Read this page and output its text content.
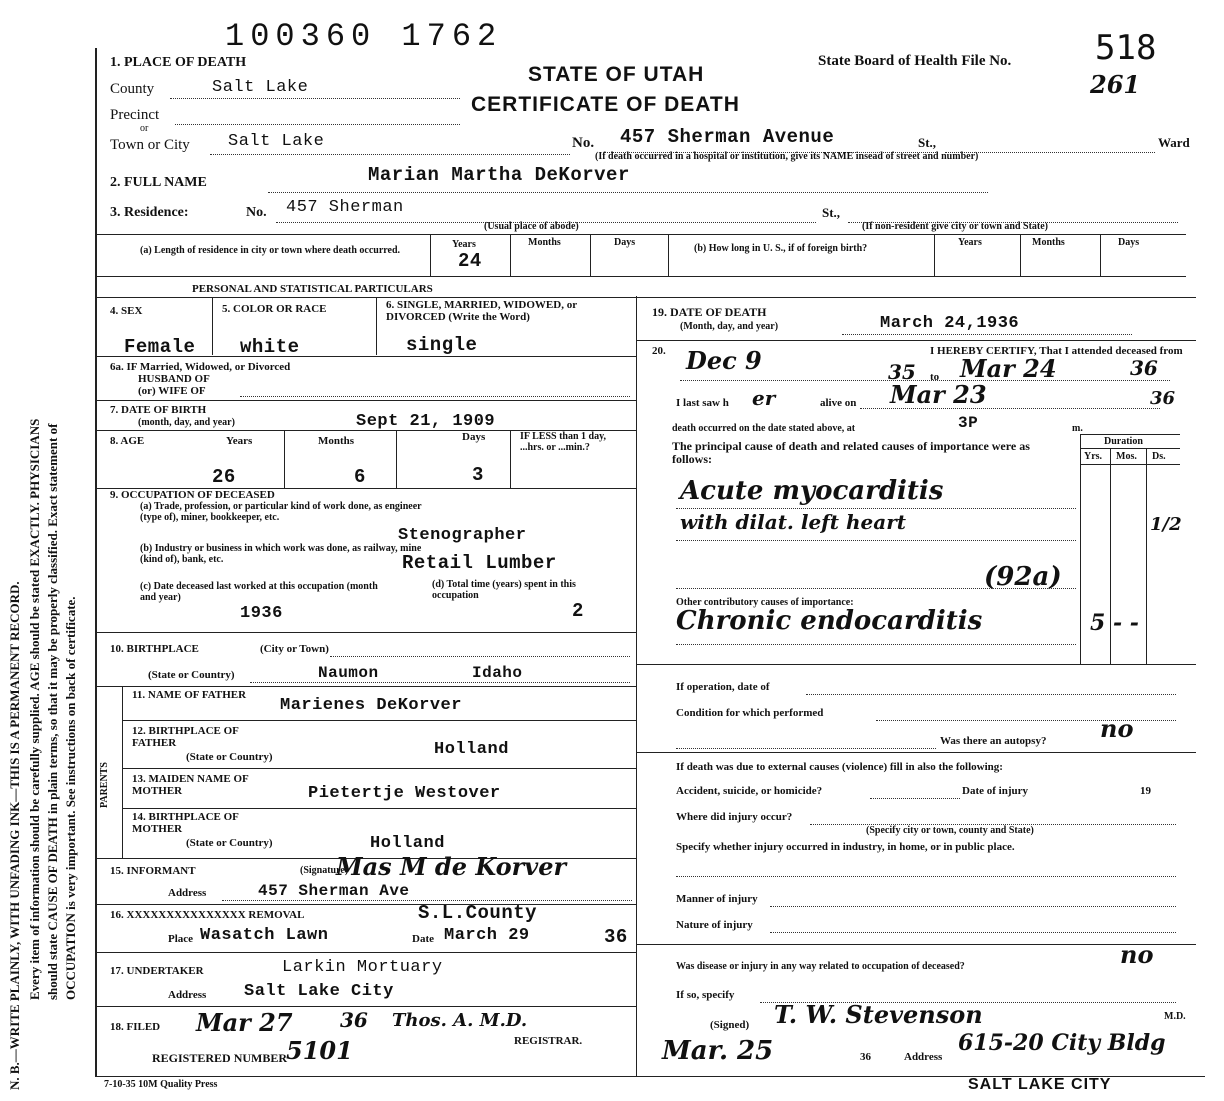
100360 1762
STATE OF UTAH
CERTIFICATE OF DEATH
State Board of Health File No. 518
261
N. B.—WRITE PLAINLY, WITH UNFADING INK—THIS IS A PERMANENT RECORD. Every item of information should be carefully supplied. AGE should be stated EXACTLY. PHYSICIANS should state CAUSE OF DEATH in plain terms, so that it may be properly classified. Exact statement of OCCUPATION is very important. See instructions on back of certificate.
1. PLACE OF DEATH
County	Salt Lake
Precinct
or
Town or City Salt Lake	No. 457 Sherman Avenue	St.,	Ward
(If death occurred in a hospital or institution, give its NAME insead of street and number)
2. FULL NAME	Marian Martha DeKorver
3. Residence:	No. 457 Sherman	St.,
(Usual place of abode)	(If non-resident give city or town and State)
(a) Length of residence in city or town where death occurred.
Years	Months	Days
24
(b) How long in U. S., if of foreign birth?
Years	Months	Days
PERSONAL AND STATISTICAL PARTICULARS
4. SEX	5. COLOR OR RACE	6. SINGLE, MARRIED, WIDOWED, or DIVORCED (Write the Word)
Female white	single
6a. IF Married, Widowed, or Divorced
HUSBAND OF
(or) WIFE OF
7. DATE OF BIRTH
(month, day, and year)	Sept 21, 1909
8. AGE	Years	Months	Days	IF LESS than 1 day, ...hrs. or ...min.?
26	6	3
9. OCCUPATION OF DECEASED
(a) Trade, profession, or particular kind of work done, as engineer (type of), miner, bookkeeper, etc.
Stenographer
(b) Industry or business in which work was done, as railway, mine (kind of), bank, etc.	Retail Lumber
(c) Date deceased last worked at this occupation (month and year)
1936
(d) Total time (years) spent in this occupation
2
10. BIRTHPLACE	(City or Town)
(State or Country)	Naumon	Idaho
PARENTS
11. NAME OF FATHER
Marienes DeKorver
12. BIRTHPLACE OF FATHER
(State or Country)	Holland
13. MAIDEN NAME OF MOTHER	Pietertje Westover
14. BIRTHPLACE OF MOTHER
(State or Country)	Holland
15. INFORMANT	(Signature)
Mas M de Korver
Address	457 Sherman Ave
16. XXXXXXXXXXXXXXX REMOVAL	S.L.County
Place Wasatch Lawn	Date March 29	36
17. UNDERTAKER	Larkin Mortuary
Address Salt Lake City
18. FILED Mar 27 36 Thos. A. M.D.
REGISTRAR.
REGISTERED NUMBER
5101
19. DATE OF DEATH
(Month, day, and year)	March 24,1936
20.	I HEREBY CERTIFY, That I attended deceased from
Dec 9	35 to Mar 24	36
I last saw h er	alive on Mar 23	36
death occurred on the date stated above, at	3P	m.
The principal cause of death and related causes of importance were as follows:
Duration
Yrs. Mos. Ds.
Acute myocarditis
with dilat. left heart	1/2
(92a)
Other contributory causes of importance:
Chronic endocarditis	5 - -
If operation, date of
Condition for which performed
Was there an autopsy? no
If death was due to external causes (violence) fill in also the following:
Accident, suicide, or homicide?	Date of injury	19
Where did injury occur?
(Specify city or town, county and State)
Specify whether injury occurred in industry, in home, or in public place.
Manner of injury
Nature of injury
Was disease or injury in any way related to occupation of deceased?	no
If so, specify
(Signed) T. W. Stevenson	M.D.
Mar. 25	36	Address
615-20 City Bldg
7-10-35 10M Quality Press	SALT LAKE CITY
